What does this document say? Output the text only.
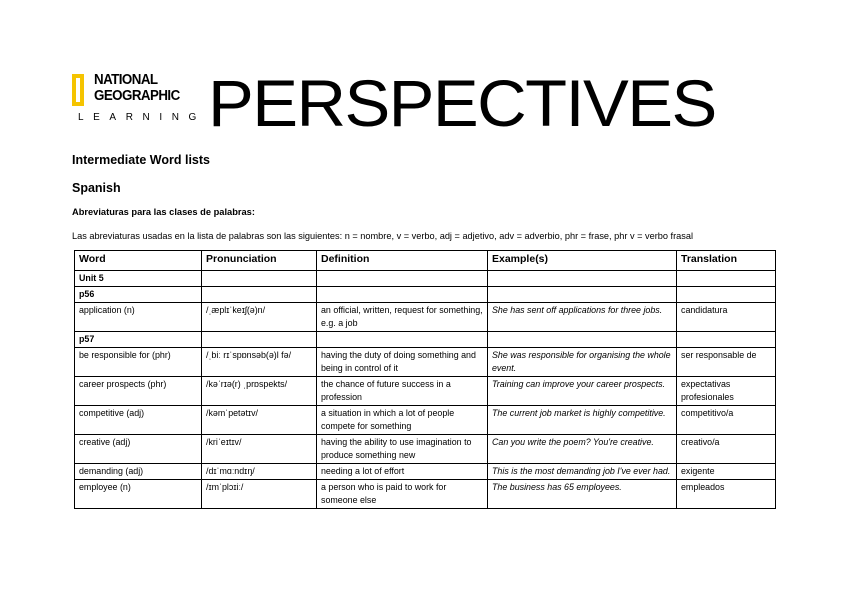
NATIONAL
GEOGRAPHIC
LEARNING PERSPECTIVES
Intermediate Word lists
Spanish
Abreviaturas para las clases de palabras:
Las abreviaturas usadas en la lista de palabras son las siguientes: n = nombre, v = verbo, adj = adjetivo, adv = adverbio, phr = frase, phr v = verbo frasal
Word	Pronunciation	Definition	Example(s)	Translation
Unit 5				
p56				
application (n)	/ˌæplɪˈkeɪʃ(ə)n/	an official, written, request for something, e.g. a job	She has sent off applications for three jobs.	candidatura
p57				
be responsible for (phr)	/ˌbiː rɪˈspɒnsəb(ə)l fə/	having the duty of doing something and being in control of it	She was responsible for organising the whole event.	ser responsable de
career prospects (phr)	/kəˈrɪə(r) ˌprɒspekts/	the chance of future success in a profession	Training can improve your career prospects.	expectativas profesionales
competitive (adj)	/kəmˈpetətɪv/	a situation in which a lot of people compete for something	The current job market is highly competitive.	competitivo/a
creative (adj)	/kriˈeɪtɪv/	having the ability to use imagination to produce something new	Can you write the poem? You're creative.	creativo/a
demanding (adj)	/dɪˈmɑːndɪŋ/	needing a lot of effort	This is the most demanding job I've ever had.	exigente
employee (n)	/ɪmˈplɔɪiː/	a person who is paid to work for someone else	The business has 65 employees.	empleados
